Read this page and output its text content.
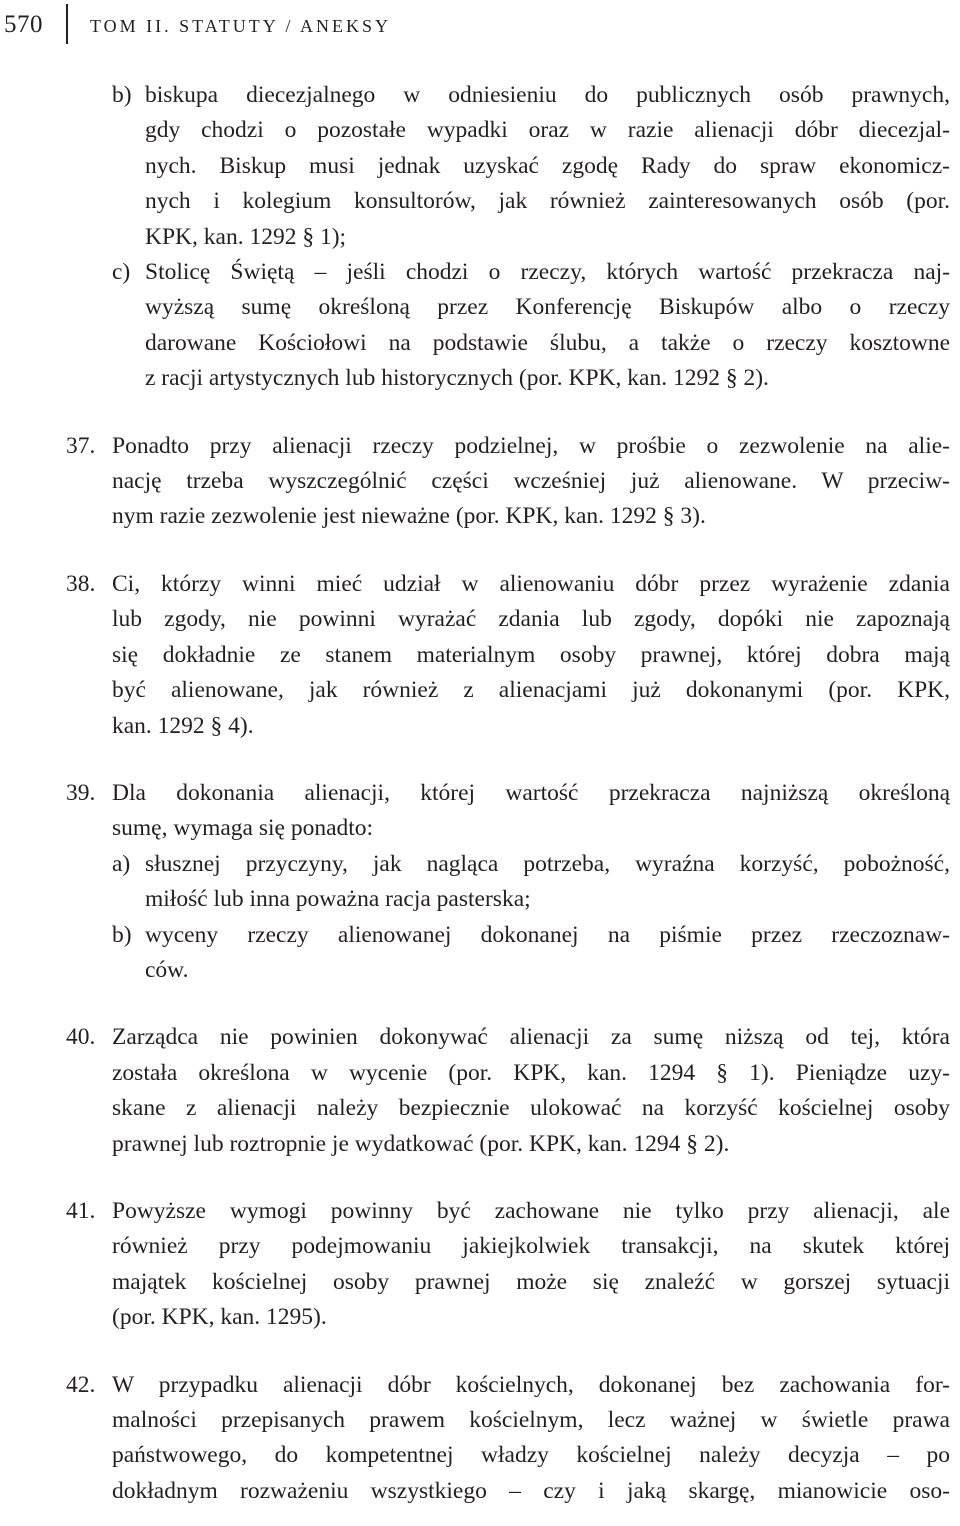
570	TOM II. STATUTY / ANEKSY
b) biskupa diecezjalnego w odniesieniu do publicznych osób prawnych,
gdy chodzi o pozostałe wypadki oraz w razie alienacji dóbr diecezjal-
nych. Biskup musi jednak uzyskać zgodę Rady do spraw ekonomicz-
nych i kolegium konsultorów, jak również zainteresowanych osób (por.
KPK, kan. 1292 § 1);
c) Stolicę Świętą – jeśli chodzi o rzeczy, których wartość przekracza naj-
wyższą sumę określoną przez Konferencję Biskupów albo o rzeczy
darowane Kościołowi na podstawie ślubu, a także o rzeczy kosztowne
z racji artystycznych lub historycznych (por. KPK, kan. 1292 § 2).
37. Ponadto przy alienacji rzeczy podzielnej, w prośbie o zezwolenie na alie-
nację trzeba wyszczególnić części wcześniej już alienowane. W przeciw-
nym razie zezwolenie jest nieważne (por. KPK, kan. 1292 § 3).
38. Ci, którzy winni mieć udział w alienowaniu dóbr przez wyrażenie zdania
lub zgody, nie powinni wyrażać zdania lub zgody, dopóki nie zapoznają
się dokładnie ze stanem materialnym osoby prawnej, której dobra mają
być alienowane, jak również z alienacjami już dokonanymi (por. KPK,
kan. 1292 § 4).
39. Dla dokonania alienacji, której wartość przekracza najniższą określoną
sumę, wymaga się ponadto:
a) słusznej przyczyny, jak nagląca potrzeba, wyraźna korzyść, pobożność,
miłość lub inna poważna racja pasterska;
b) wyceny rzeczy alienowanej dokonanej na piśmie przez rzeczoznaw-
ców.
40. Zarządca nie powinien dokonywać alienacji za sumę niższą od tej, która
została określona w wycenie (por. KPK, kan. 1294 § 1). Pieniądze uzy-
skane z alienacji należy bezpiecznie ulokować na korzyść kościelnej osoby
prawnej lub roztropnie je wydatkować (por. KPK, kan. 1294 § 2).
41. Powyższe wymogi powinny być zachowane nie tylko przy alienacji, ale
również przy podejmowaniu jakiejkolwiek transakcji, na skutek której
majątek kościelnej osoby prawnej może się znaleźć w gorszej sytuacji
(por. KPK, kan. 1295).
42. W przypadku alienacji dóbr kościelnych, dokonanej bez zachowania for-
malności przepisanych prawem kościelnym, lecz ważnej w świetle prawa
państwowego, do kompetentnej władzy kościelnej należy decyzja – po
dokładnym rozważeniu wszystkiego – czy i jaką skargę, mianowicie oso-
